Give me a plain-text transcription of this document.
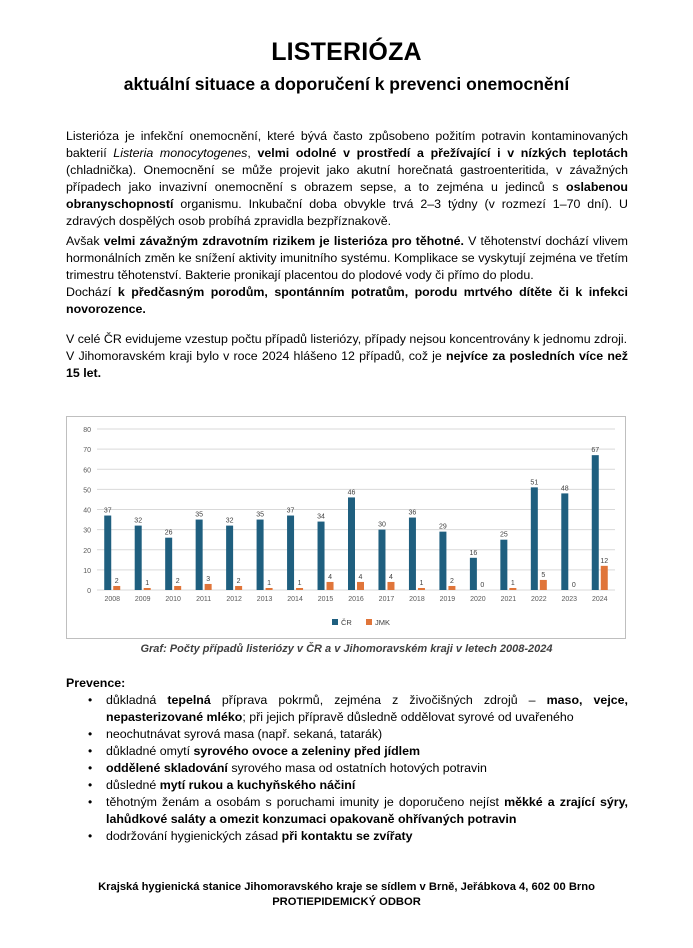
LISTERIÓZA
aktuální situace a doporučení k prevenci onemocnění

Listerióza je infekční onemocnění, které bývá často způsobeno požitím potravin kontaminovaných bakterií Listeria monocytogenes, velmi odolné v prostředí a přežívající i v nízkých teplotách (chladnička). Onemocnění se může projevit jako akutní horečnatá gastroenteritida, v závažných případech jako invazivní onemocnění s obrazem sepse, a to zejména u jedinců s oslabenou obranyschopností organismu. Inkubační doba obvykle trvá 2–3 týdny (v rozmezí 1–70 dní). U zdravých dospělých osob probíhá zpravidla bezpříznakově.

Avšak velmi závažným zdravotním rizikem je listerióza pro těhotné. V těhotenství dochází vlivem hormonálních změn ke snížení aktivity imunitního systému. Komplikace se vyskytují zejména ve třetím trimestru těhotenství. Bakterie pronikají placentou do plodové vody či přímo do plodu.
Dochází k předčasným porodům, spontánním potratům, porodu mrtvého dítěte či k infekci novorozence.

V celé ČR evidujeme vzestup počtu případů listeriózy, případy nejsou koncentrovány k jednomu zdroji.
V Jihomoravském kraji bylo v roce 2024 hlášeno 12 případů, což je nejvíce za posledních více než 15 let.

0
10
20
30
40
50
60
70
80
37
2
2008
32
1
2009
26
2
2010
35
3
2011
32
2
2012
35
1
2013
37
1
2014
34
4
2015
46
4
2016
30
4
2017
36
1
2018
29
2
2019
16
0
2020
25
1
2021
51
5
2022
48
0
2023
67
12
2024
ČR	JMK
Graf: Počty případů listeriózy v ČR a v Jihomoravském kraji v letech 2008-2024

Prevence:

• důkladná tepelná příprava pokrmů, zejména z živočišných zdrojů – maso, vejce, nepasterizované mléko; při jejich přípravě důsledně oddělovat syrové od uvařeného
• neochutnávat syrová masa (např. sekaná, tatarák)
• důkladné omytí syrového ovoce a zeleniny před jídlem
• oddělené skladování syrového masa od ostatních hotových potravin
• důsledné mytí rukou a kuchyňského náčiní
• těhotným ženám a osobám s poruchami imunity je doporučeno nejíst měkké a zrající sýry, lahůdkové saláty a omezit konzumaci opakovaně ohřívaných potravin
• dodržování hygienických zásad při kontaktu se zvířaty
Krajská hygienická stanice Jihomoravského kraje se sídlem v Brně, Jeřábkova 4, 602 00 Brno
PROTIEPIDEMICKÝ ODBOR
